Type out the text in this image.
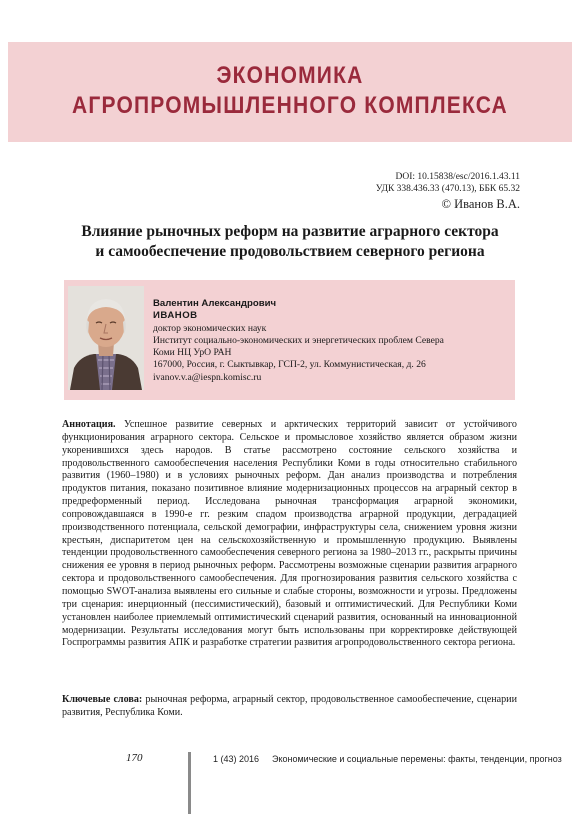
ЭКОНОМИКА
АГРОПРОМЫШЛЕННОГО КОМПЛЕКСА
DOI: 10.15838/esc/2016.1.43.11
УДК 338.436.33 (470.13), ББК 65.32
© Иванов В.А.
Влияние рыночных реформ на развитие аграрного сектора
и самообеспечение продовольствием северного региона
Валентин Александрович
ИВАНОВ
доктор экономических наук
Институт социально-экономических и энергетических проблем Севера
Коми НЦ УрО РАН
167000, Россия, г. Сыктывкар, ГСП-2, ул. Коммунистическая, д. 26
ivanov.v.a@iespn.komisc.ru
Аннотация. Успешное развитие северных и арктических территорий зависит от устойчивого функционирования аграрного сектора. Сельское и промысловое хозяйство является образом жизни укоренившихся здесь народов. В статье рассмотрено состояние сельского хозяйства и продовольственного самообеспечения населения Республики Коми в годы относительно стабильного развития (1960–1980) и в условиях рыночных реформ. Дан анализ производства и потребления продуктов питания, показано позитивное влияние модернизационных процессов на аграрный сектор в предреформенный период. Исследована рыночная трансформация аграрной экономики, сопровождавшаяся в 1990-е гг. резким спадом производства аграрной продукции, деградацией производственного потенциала, сельской демографии, инфраструктуры села, снижением уровня жизни крестьян, диспаритетом цен на сельскохозяйственную и промышленную продукцию. Выявлены тенденции продовольственного самообеспечения северного региона за 1980–2013 гг., раскрыты причины снижения ее уровня в период рыночных реформ. Рассмотрены возможные сценарии развития аграрного сектора и продовольственного самообеспечения. Для прогнозирования развития сельского хозяйства с помощью SWOT-анализа выявлены его сильные и слабые стороны, возможности и угрозы. Предложены три сценария: инерционный (пессимистический), базовый и оптимистический. Для Республики Коми установлен наиболее приемлемый оптимистический сценарий развития, основанный на инновационной модернизации. Результаты исследования могут быть использованы при корректировке действующей Госпрограммы развития АПК и разработке стратегии развития агропродовольственного сектора региона.
Ключевые слова: рыночная реформа, аграрный сектор, продовольственное самообеспечение, сценарии развития, Республика Коми.
170	1 (43) 2016 Экономические и социальные перемены: факты, тенденции, прогноз
